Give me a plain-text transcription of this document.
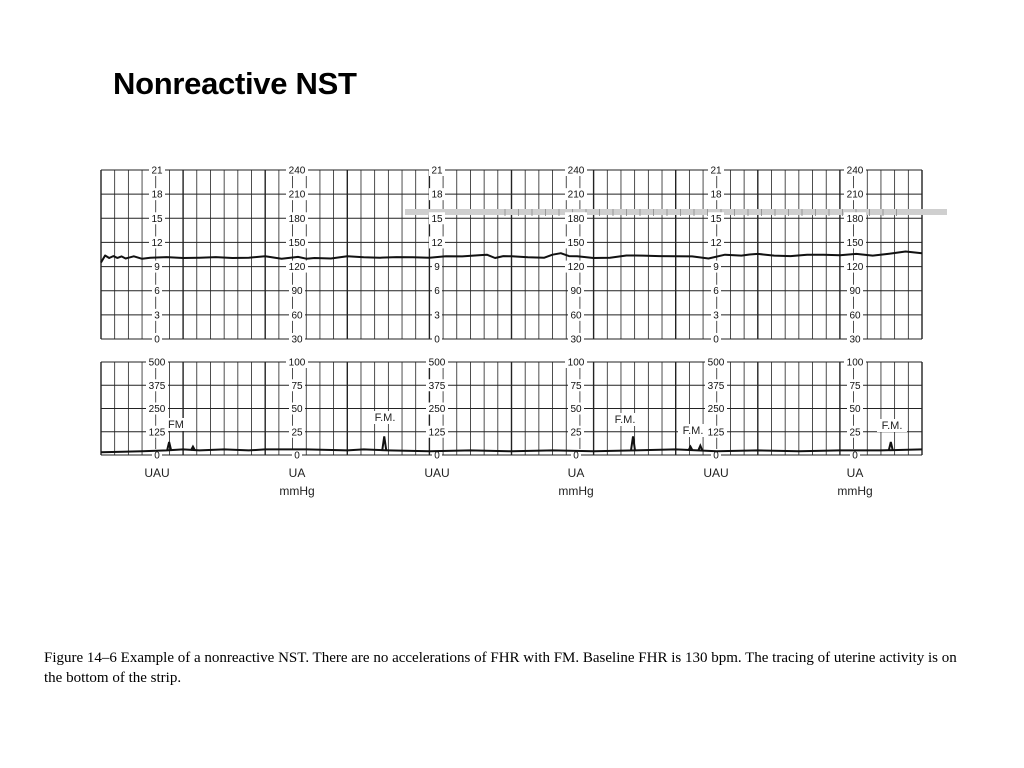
Nonreactive NST
21
18
15
12
9
6
3
0
21
18
15
12
9
6
3
0
21
18
15
12
9
6
3
0
240
210
180
150
120
90
60
30
240
210
180
150
120
90
60
30
240
210
180
150
120
90
60
30
500
375
250
125
0
500
375
250
125
0
500
375
250
125
0
100
75
50
25
0
100
75
50
25
0
100
75
50
25
0
FM
F.M.	F.M.
F.M.	F.M.
UAU	UA
mmHg
UAU	UA
mmHg
UAU	UA
mmHg
Figure 14–6 Example of a nonreactive NST. There are no accelerations of FHR with FM. Baseline FHR is 130 bpm. The tracing of uterine activity is on the bottom of the strip.
